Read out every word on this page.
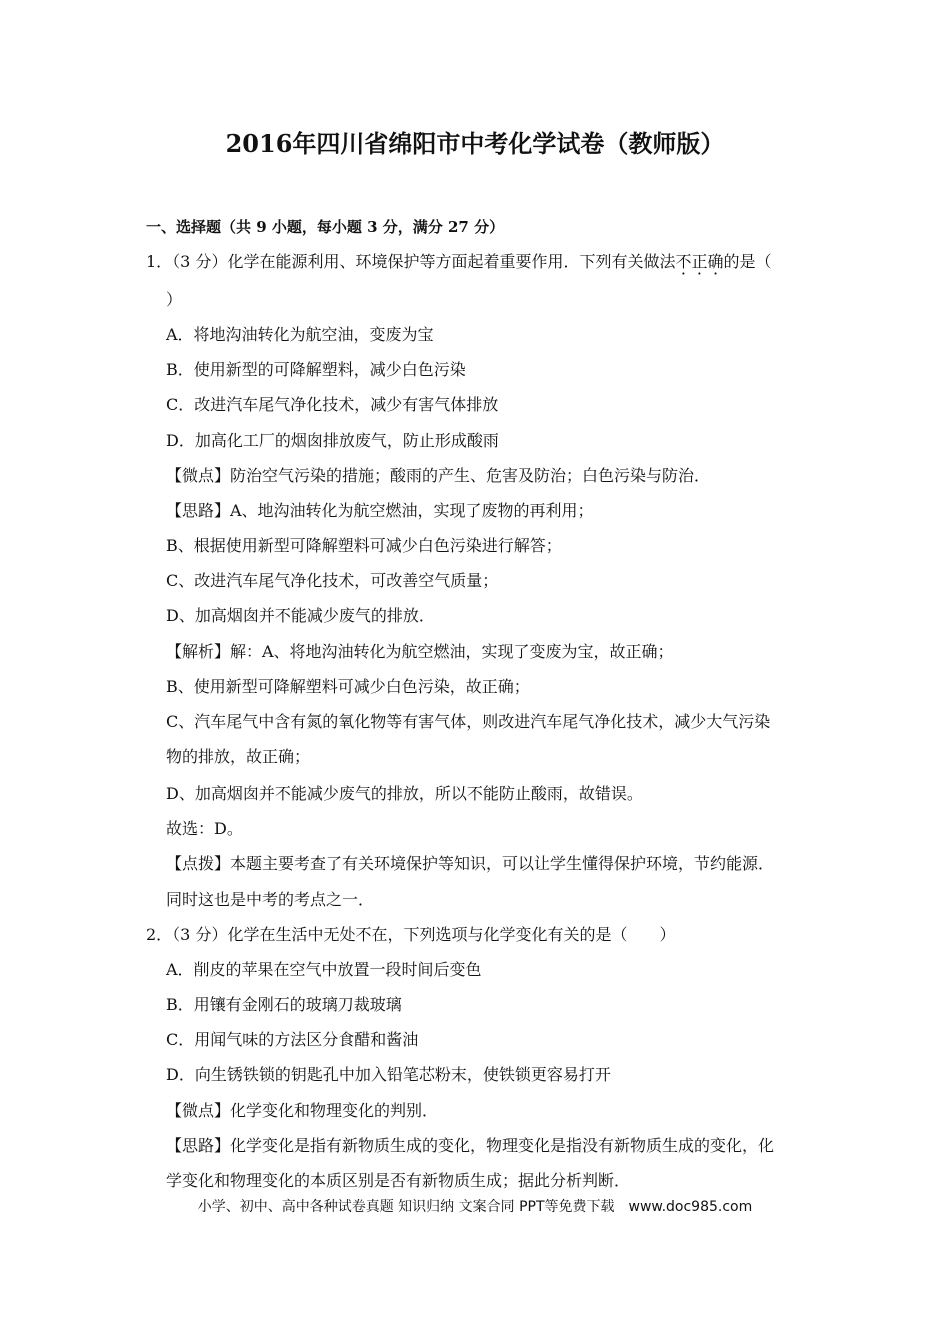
2016年四川省绵阳市中考化学试卷（教师版）
一、选择题（共 9 小题，每小题 3 分，满分 27 分）
1．（3 分）化学在能源利用、环境保护等方面起着重要作用．下列有关做法不正确的是（
）
A．将地沟油转化为航空油，变废为宝
B．使用新型的可降解塑料，减少白色污染
C．改进汽车尾气净化技术，减少有害气体排放
D．加高化工厂的烟囱排放废气，防止形成酸雨
【微点】防治空气污染的措施；酸雨的产生、危害及防治；白色污染与防治．
【思路】A、地沟油转化为航空燃油，实现了废物的再利用；
B、根据使用新型可降解塑料可减少白色污染进行解答；
C、改进汽车尾气净化技术，可改善空气质量；
D、加高烟囱并不能减少废气的排放．
【解析】解：A、将地沟油转化为航空燃油，实现了变废为宝，故正确；
B、使用新型可降解塑料可减少白色污染，故正确；
C、汽车尾气中含有氮的氧化物等有害气体，则改进汽车尾气净化技术，减少大气污染
物的排放，故正确；
D、加高烟囱并不能减少废气的排放，所以不能防止酸雨，故错误。
故选：D。
【点拨】本题主要考查了有关环境保护等知识，可以让学生懂得保护环境，节约能源．
同时这也是中考的考点之一．
2．（3 分）化学在生活中无处不在，下列选项与化学变化有关的是（　　）
A．削皮的苹果在空气中放置一段时间后变色
B．用镶有金刚石的玻璃刀裁玻璃
C．用闻气味的方法区分食醋和酱油
D．向生锈铁锁的钥匙孔中加入铅笔芯粉末，使铁锁更容易打开
【微点】化学变化和物理变化的判别．
【思路】化学变化是指有新物质生成的变化，物理变化是指没有新物质生成的变化，化
学变化和物理变化的本质区别是否有新物质生成；据此分析判断．
小学、初中、高中各种试卷真题 知识归纳 文案合同 PPT等免费下载　www.doc985.com
